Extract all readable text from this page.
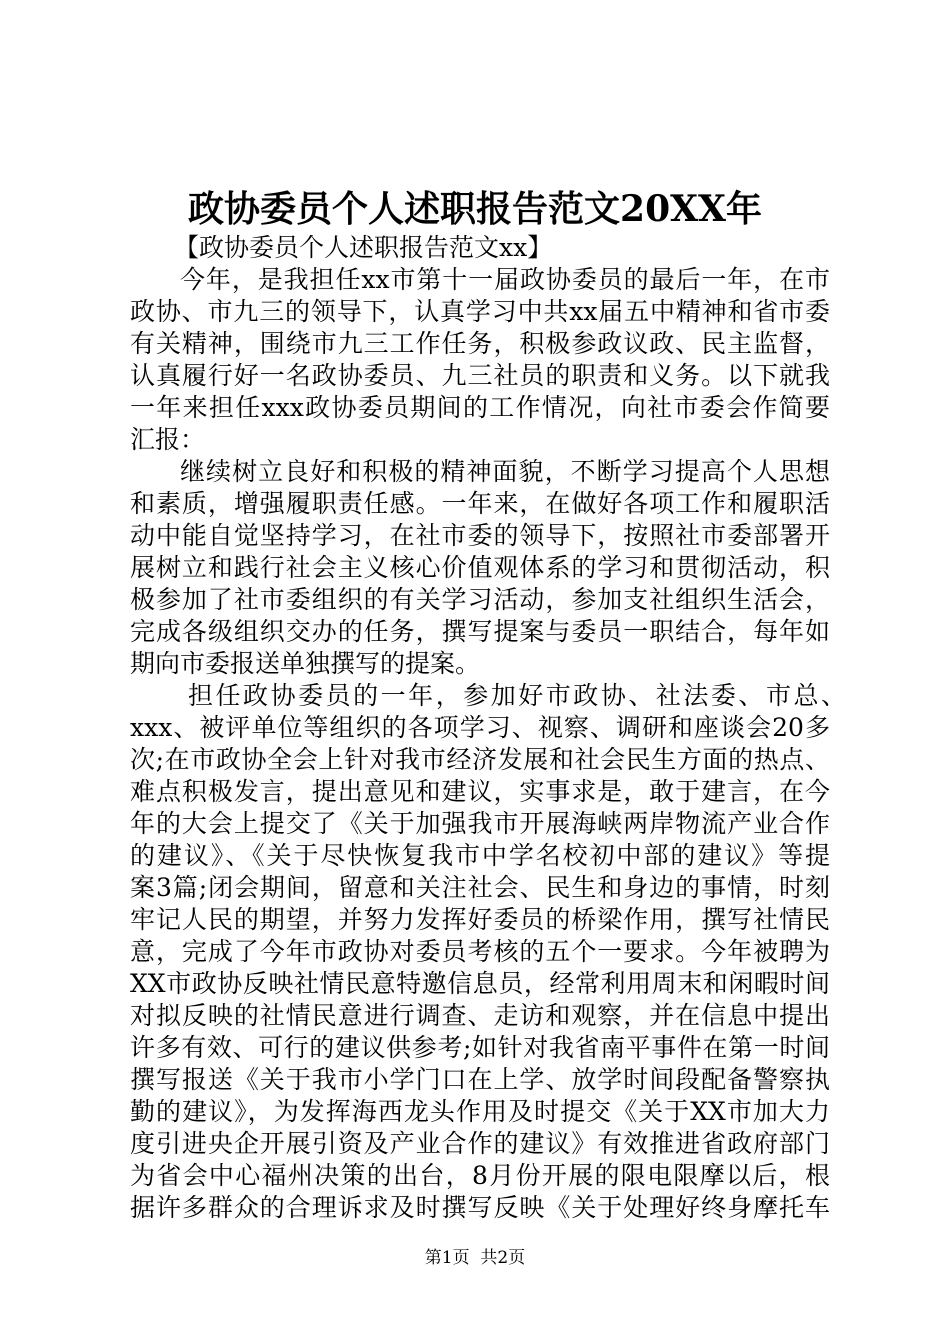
政协委员个人述职报告范文20XX年
【政协委员个人述职报告范文xx】
今年，是我担任xx市第十一届政协委员的最后一年，在市
政协、市九三的领导下，认真学习中共xx届五中精神和省市委
有关精神，围绕市九三工作任务，积极参政议政、民主监督，
认真履行好一名政协委员、九三社员的职责和义务。以下就我
一年来担任xxx政协委员期间的工作情况，向社市委会作简要
汇报：
继续树立良好和积极的精神面貌，不断学习提高个人思想
和素质，增强履职责任感。一年来，在做好各项工作和履职活
动中能自觉坚持学习，在社市委的领导下，按照社市委部署开
展树立和践行社会主义核心价值观体系的学习和贯彻活动，积
极参加了社市委组织的有关学习活动，参加支社组织生活会，
完成各级组织交办的任务，撰写提案与委员一职结合，每年如
期向市委报送单独撰写的提案。
担任政协委员的一年，参加好市政协、社法委、市总、
xxx、被评单位等组织的各项学习、视察、调研和座谈会20多
次;在市政协全会上针对我市经济发展和社会民生方面的热点、
难点积极发言，提出意见和建议，实事求是，敢于建言，在今
年的大会上提交了《关于加强我市开展海峡两岸物流产业合作
的建议》、《关于尽快恢复我市中学名校初中部的建议》等提
案3篇;闭会期间，留意和关注社会、民生和身边的事情，时刻
牢记人民的期望，并努力发挥好委员的桥梁作用，撰写社情民
意，完成了今年市政协对委员考核的五个一要求。今年被聘为
XX市政协反映社情民意特邀信息员，经常利用周末和闲暇时间
对拟反映的社情民意进行调查、走访和观察，并在信息中提出
许多有效、可行的建议供参考;如针对我省南平事件在第一时间
撰写报送《关于我市小学门口在上学、放学时间段配备警察执
勤的建议》，为发挥海西龙头作用及时提交《关于XX市加大力
度引进央企开展引资及产业合作的建议》有效推进省政府部门
为省会中心福州决策的出台，8月份开展的限电限摩以后，根
据许多群众的合理诉求及时撰写反映《关于处理好终身摩托车
第1页  共2页
